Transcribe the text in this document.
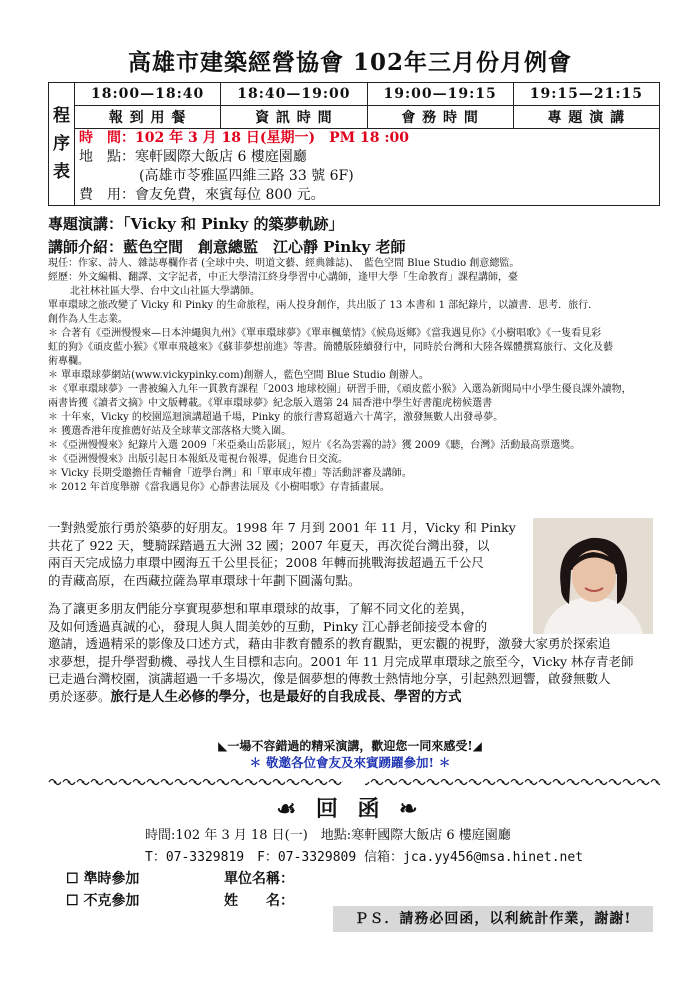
高雄市建築經營協會 102年三月份月例會
程
序
表	18:00—18:40	18:40—19:00	19:00—19:15	19:15—21:15
	報 到 用 餐	資 訊 時 間	會 務 時 間	專 題 演 講

	時　間：102 年 3 月 18 日(星期一)　PM 18 :00
地　點：寒軒國際大飯店 6 樓庭園廳
(高雄市苓雅區四維三路 33 號 6F)
費　用：會友免費，來賓每位 800 元。			
專題演講：「Vicky 和 Pinky 的築夢軌跡」
講師介紹：藍色空間　創意總監　江心靜 Pinky 老師

現任：作家、詩人、雜誌專欄作者 (全球中央、明道文藝、經典雜誌)、　藍色空間 Blue Studio 創意總監。

經歷：外文編輯、翻譯、文字記者，中正大學清江終身學習中心講師，逢甲大學「生命教育」課程講師，臺

北社林社區大學、台中文山社區大學講師。

單車環球之旅改變了 Vicky 和 Pinky 的生命旅程，兩人投身創作，共出版了 13 本書和 1 部紀錄片，以讀書．思考．旅行．

創作為人生志業。

＊ 合著有《亞洲慢慢來—日本沖繩與九州》《單車環球夢》《單車楓葉情》《候鳥返鄉》《當我遇見你》《小樹唱歌》《一隻看見彩

虹的狗》《頑皮藍小猴》《單車飛越來》《蘇菲夢想前進》等書。簡體版陸續發行中，同時於台灣和大陸各媒體撰寫旅行、文化及藝

術專欄。

＊ 單車環球夢網站(www.vickypinky.com)創辦人，藍色空間 Blue Studio 創辦人。

＊《單車環球夢》一書被編入九年一貫教育課程「2003 地球校園」研習手冊，《頑皮藍小猴》入選為新聞局中小學生優良課外讀物，

兩書皆獲《讀者文摘》中文版轉載。《單車環球夢》紀念版入選第 24 屆香港中學生好書龍虎榜候選書

＊ 十年來，Vicky 的校園巡迴演講超過千場，Pinky 的旅行書寫超過六十萬字，激發無數人出發尋夢。

＊ 獲選香港年度推薦好站及全球華文部落格大獎入圍。

＊《亞洲慢慢來》紀錄片入選 2009「米亞桑山岳影展」，短片《名為雲霧的詩》獲 2009《聽，台灣》活動最高票選獎。

＊《亞洲慢慢來》出版引起日本報紙及電視台報導，促進台日交流。

＊ Vicky 長期受邀擔任青輔會「遊學台灣」和「單車成年禮」等活動評審及講師。

＊ 2012 年首度舉辦《當我遇見你》心靜書法展及《小樹唱歌》存青插畫展。

一對熱愛旅行勇於築夢的好朋友。1998 年 7 月到 2001 年 11 月，Vicky 和 Pinky

共花了 922 天，雙騎踩踏過五大洲 32 國；2007 年夏天，再次從台灣出發，以

兩百天完成協力車環中國海五千公里長征；2008 年轉而挑戰海拔超過五千公尺

的青藏高原，在西藏拉薩為單車環球十年劃下圓滿句點。

為了讓更多朋友們能分享實現夢想和單車環球的故事，了解不同文化的差異，

及如何透過真誠的心，發現人與人間美妙的互動，Pinky 江心靜老師接受本會的

邀請，透過精采的影像及口述方式，藉由非教育體系的教育觀點，更宏觀的視野，激發大家勇於探索追

求夢想，提升學習動機、尋找人生目標和志向。2001 年 11 月完成單車環球之旅至今，Vicky 林存青老師

已走過台灣校園，演講超過一千多場次，像是個夢想的傳教士熱情地分享，引起熱烈迴響，啟發無數人

勇於逐夢。旅行是人生必修的學分，也是最好的自我成長、學習的方式

◣一場不容錯過的精采演講，歡迎您一同來感受!◢
✽ 敬邀各位會友及來賓踴躍參加! ✽
☙ 回 函 ❧
時間:102 年 3 月 18 日(一)　地點:寒軒國際大飯店 6 樓庭園廳
T：07-3329819　F：07-3329809 信箱：jca.yy456@msa.hinet.net
☐ 準時參加	單位名稱：
☐ 不克參加	姓　　名：
ＰＳ．請務必回函，以利統計作業，謝謝!
